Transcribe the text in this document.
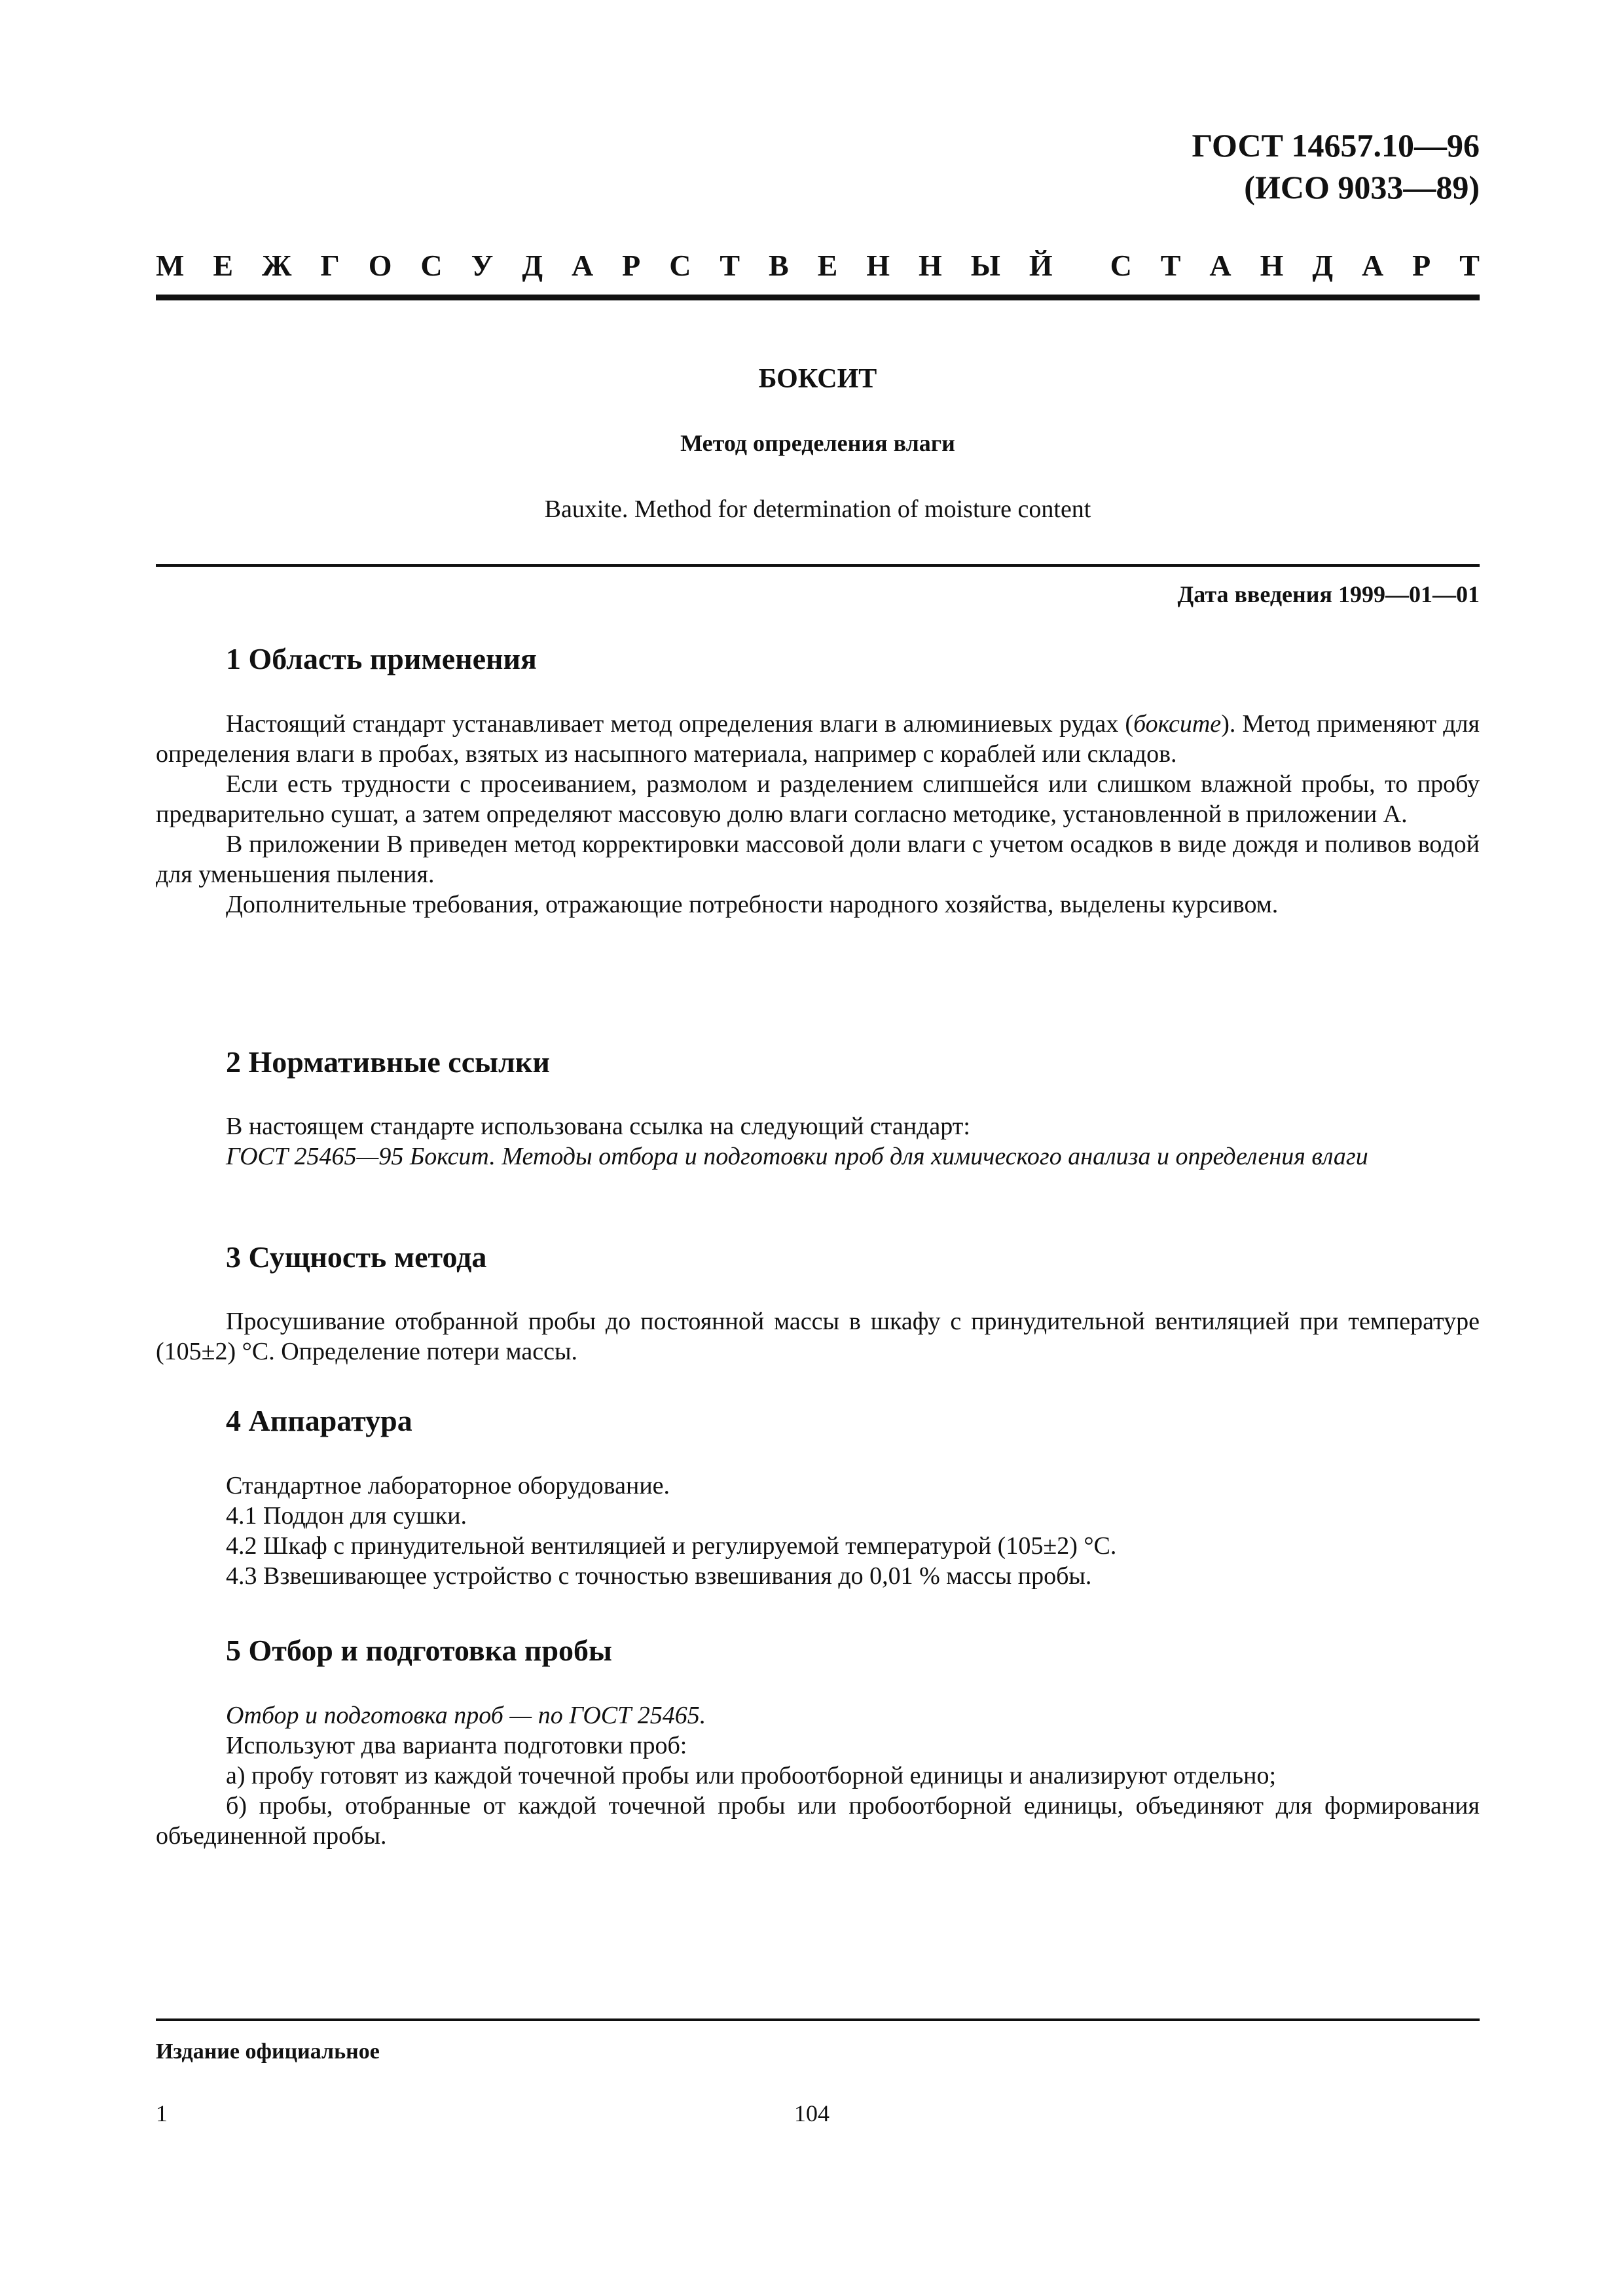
ГОСТ 14657.10—96
(ИСО 9033—89)
М Е Ж Г О С У Д А Р С Т В Е Н Н Ы Й С Т А Н Д А Р Т
БОКСИТ
Метод определения влаги
Bauxite. Method for determination of moisture content
Дата введения 1999—01—01
1 Область применения

Настоящий стандарт устанавливает метод определения влаги в алюминиевых рудах (боксите). Метод применяют для определения влаги в пробах, взятых из насыпного материала, например с кораблей или складов.

Если есть трудности с просеиванием, размолом и разделением слипшейся или слишком влажной пробы, то пробу предварительно сушат, а затем определяют массовую долю влаги согласно методике, установленной в приложении А.

В приложении В приведен метод корректировки массовой доли влаги с учетом осадков в виде дождя и поливов водой для уменьшения пыления.

Дополнительные требования, отражающие потребности народного хозяйства, выделены курсивом.

2 Нормативные ссылки

В настоящем стандарте использована ссылка на следующий стандарт:

ГОСТ 25465—95 Боксит. Методы отбора и подготовки проб для химического анализа и определения влаги

3 Сущность метода

Просушивание отобранной пробы до постоянной массы в шкафу с принудительной вентиляцией при температуре (105±2) °С. Определение потери массы.

4 Аппаратура

Стандартное лабораторное оборудование.

4.1 Поддон для сушки.

4.2 Шкаф с принудительной вентиляцией и регулируемой температурой (105±2) °С.

4.3 Взвешивающее устройство с точностью взвешивания до 0,01 % массы пробы.

5 Отбор и подготовка пробы

Отбор и подготовка проб — по ГОСТ 25465.

Используют два варианта подготовки проб:

а) пробу готовят из каждой точечной пробы или пробоотборной единицы и анализируют отдельно;

б) пробы, отобранные от каждой точечной пробы или пробоотборной единицы, объединяют для формирования объединенной пробы.

Издание официальное
1	104
